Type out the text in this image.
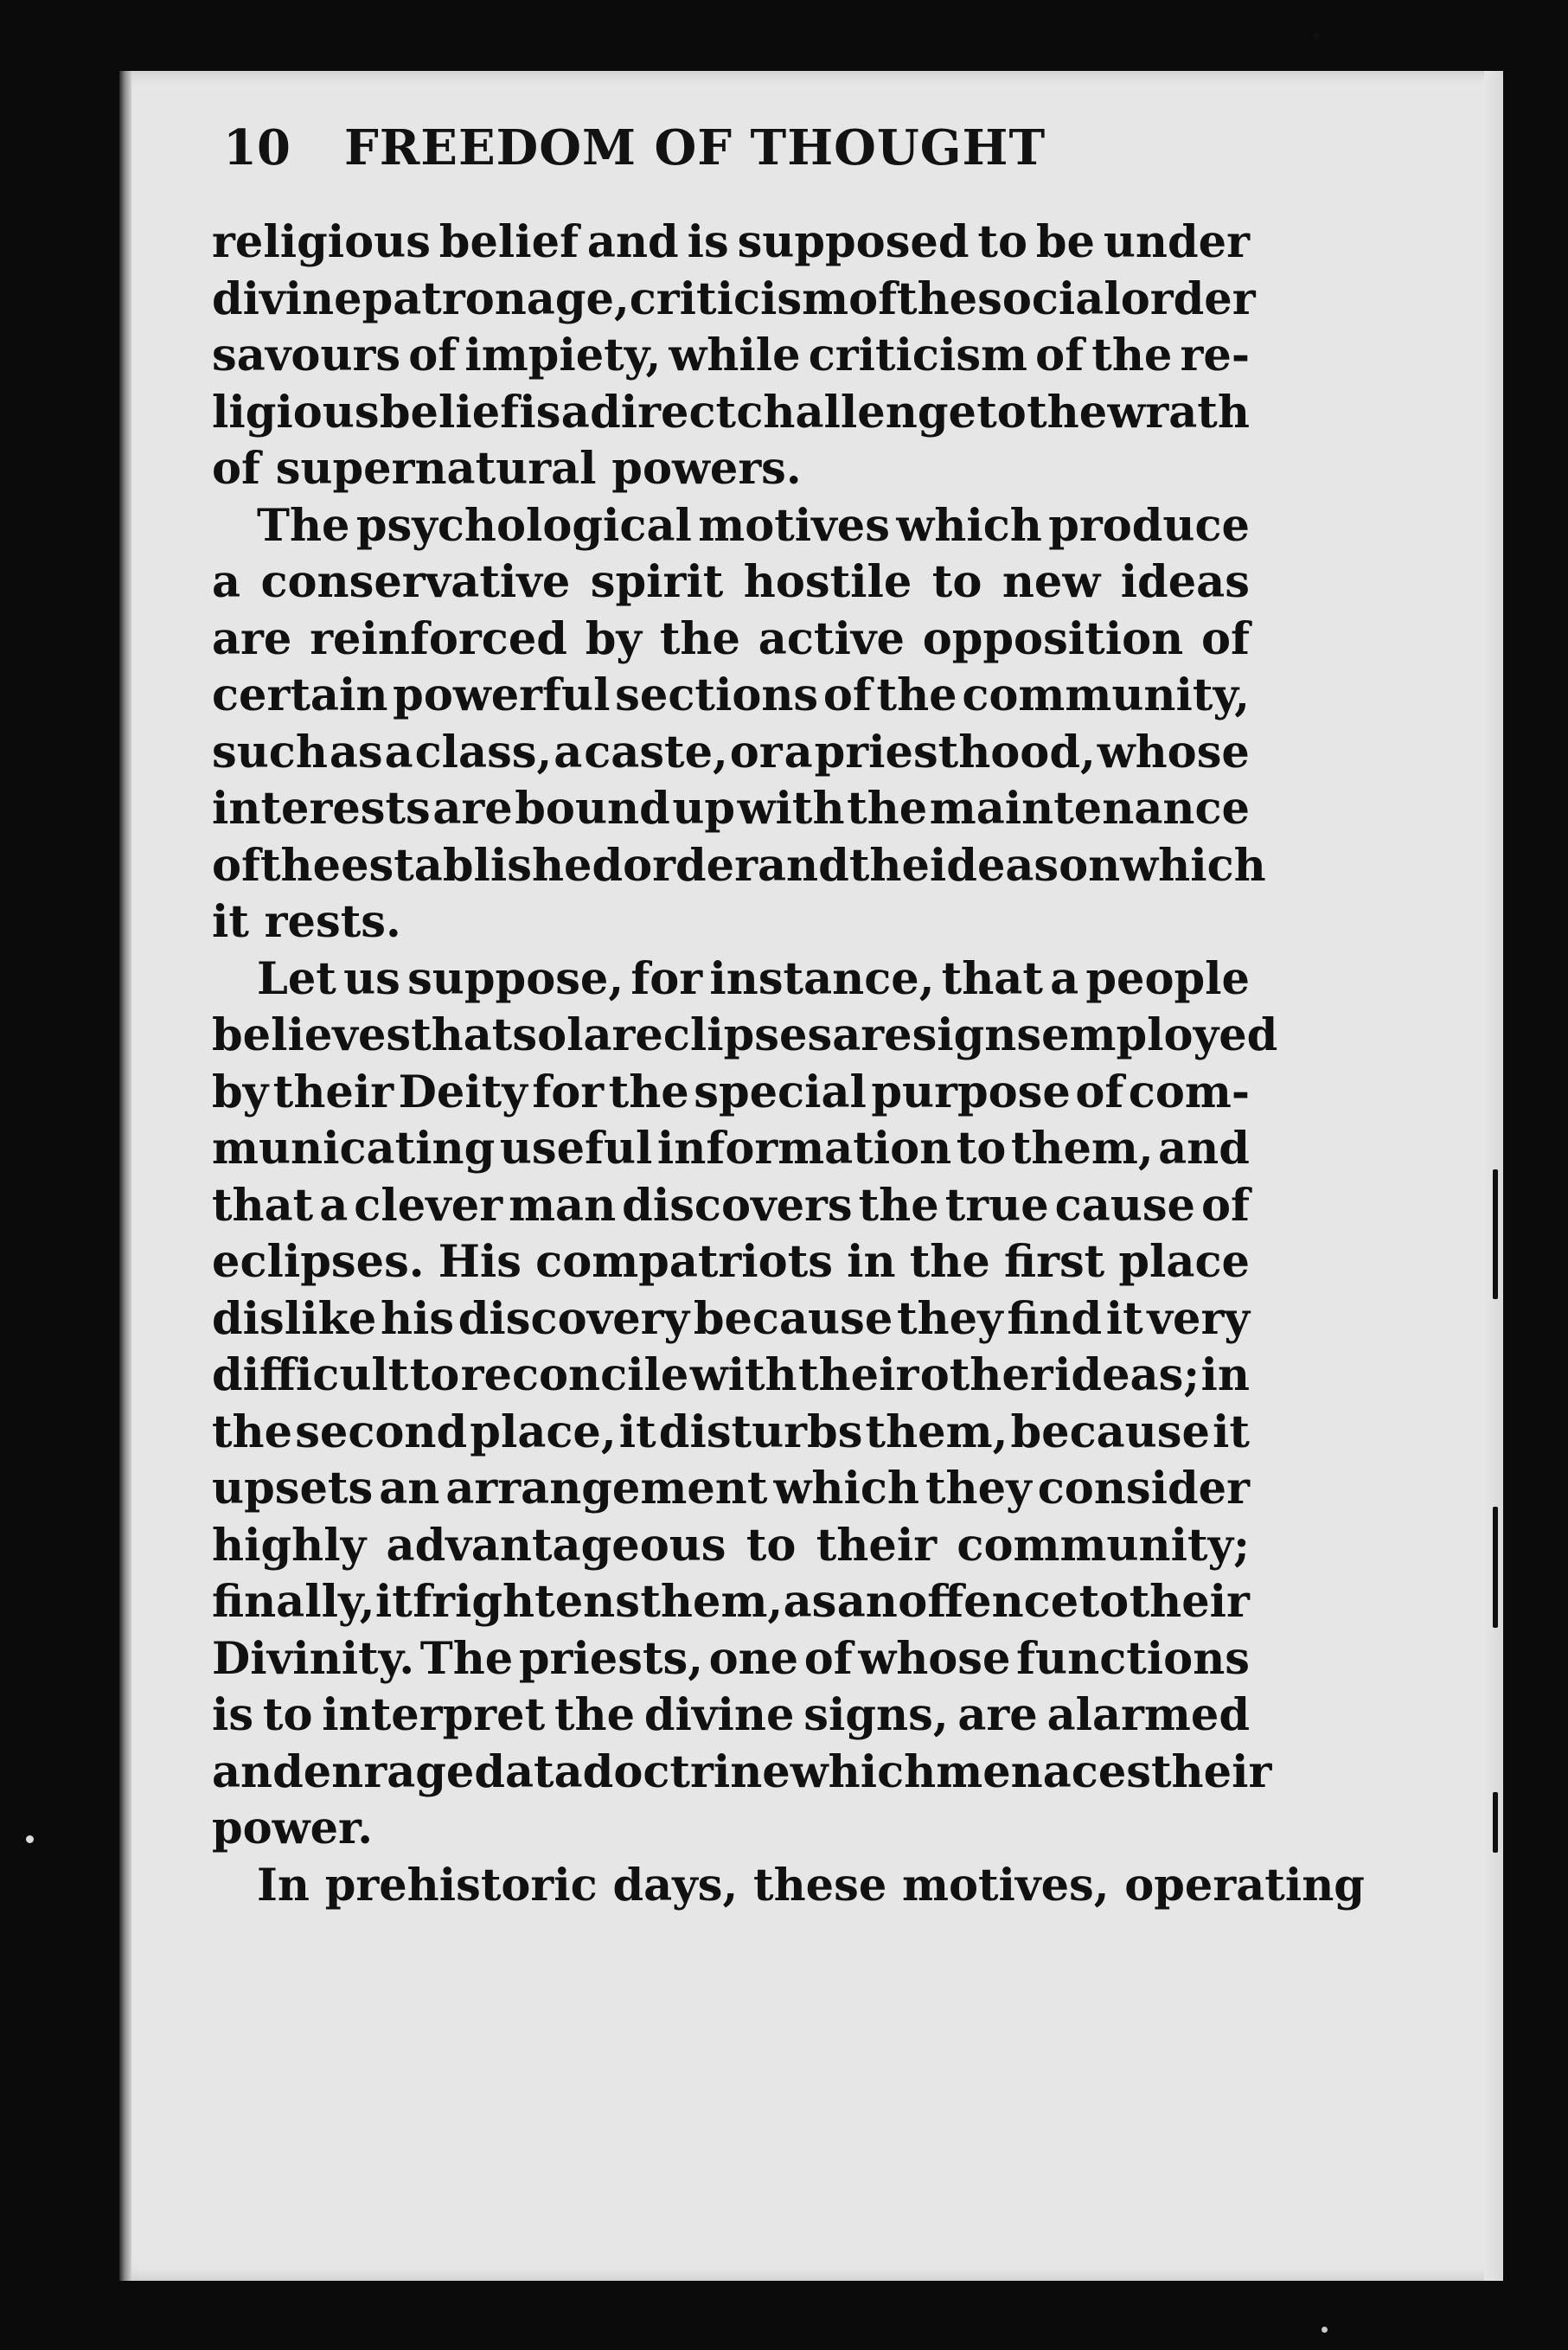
10	FREEDOM OF THOUGHT
religious belief and is supposed to be under
divine patronage, criticism of the social order
savours of impiety, while criticism of the re-
ligious belief is a direct challenge to the wrath
of supernatural powers.
The psychological motives which produce
a conservative spirit hostile to new ideas
are reinforced by the active opposition of
certain powerful sections of the community,
such as a class, a caste, or a priesthood, whose
interests are bound up with the maintenance
of the established order and the ideas on which
it rests.
Let us suppose, for instance, that a people
believes that solar eclipses are signs employed
by their Deity for the special purpose of com-
municating useful information to them, and
that a clever man discovers the true cause of
eclipses. His compatriots in the first place
dislike his discovery because they find it very
difficult to reconcile with their other ideas; in
the second place, it disturbs them, because it
upsets an arrangement which they consider
highly advantageous to their community;
finally, it frightens them, as an offence to their
Divinity. The priests, one of whose functions
is to interpret the divine signs, are alarmed
and enraged at a doctrine which menaces their
power.
In prehistoric days, these motives, operating
